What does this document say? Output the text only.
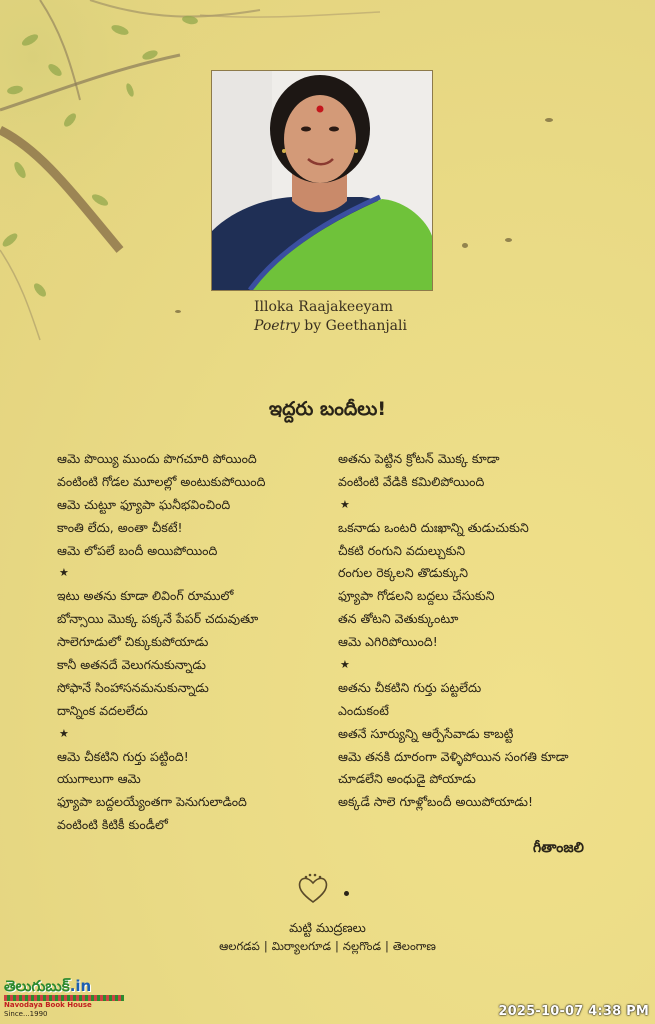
Illoka Raajakeeyam
Poetry by Geethanjali
ఇద్దరు బందీలు!
ఆమె పొయ్యి ముందు పొగచూరి పోయింది
వంటింటి గోడల మూలల్లో అంటుకుపోయింది
ఆమె చుట్టూ ఫ్యూపా ఘనీభవించింది
కాంతి లేదు, అంతా చీకటే!
ఆమె లోపలే బందీ అయిపోయింది
★
ఇటు అతను కూడా లివింగ్ రూములో
బోన్సాయి మొక్క పక్కనే పేపర్ చదువుతూ
సాలెగూడులో చిక్కుకుపోయాడు
కానీ అతనదే వెలుగనుకున్నాడు
సోఫానే సింహాసనమనుకున్నాడు
దాన్నింక వదలలేదు
★
ఆమె చీకటిని గుర్తు పట్టింది!
యుగాలుగా ఆమె
ఫ్యూపా బద్దలయ్యేంతగా పెనుగులాడింది
వంటింటి కిటికీ కుండీలో
అతను పెట్టిన క్రోటన్ మొక్క కూడా
వంటింటి వేడికి కమిలిపోయింది
★
ఒకనాడు ఒంటరి దుఃఖాన్ని తుడుచుకుని
చీకటి రంగుని వదుల్చుకుని
రంగుల రెక్కలని తొడుక్కుని
ఫ్యూపా గోడలని బద్దలు చేసుకుని
తన తోటని వెతుక్కుంటూ
ఆమె ఎగిరిపోయింది!
★
అతను చీకటిని గుర్తు పట్టలేదు
ఎందుకంటే
అతనే సూర్యున్ని ఆర్పేసేవాడు కాబట్టి
ఆమె తనకి దూరంగా వెళ్ళిపోయిన సంగతి కూడా
చూడలేని అంధుడై పోయాడు
అక్కడే సాలె గూళ్లోబందీ అయిపోయాడు!
గీతాంజలి
మట్టి ముద్రణలు
ఆలగడప | మిర్యాలగూడ | నల్లగొండ | తెలంగాణ
తెలుగుబుక్.in
Navodaya Book House
Since...1990	2025-10-07 4:38 PM
